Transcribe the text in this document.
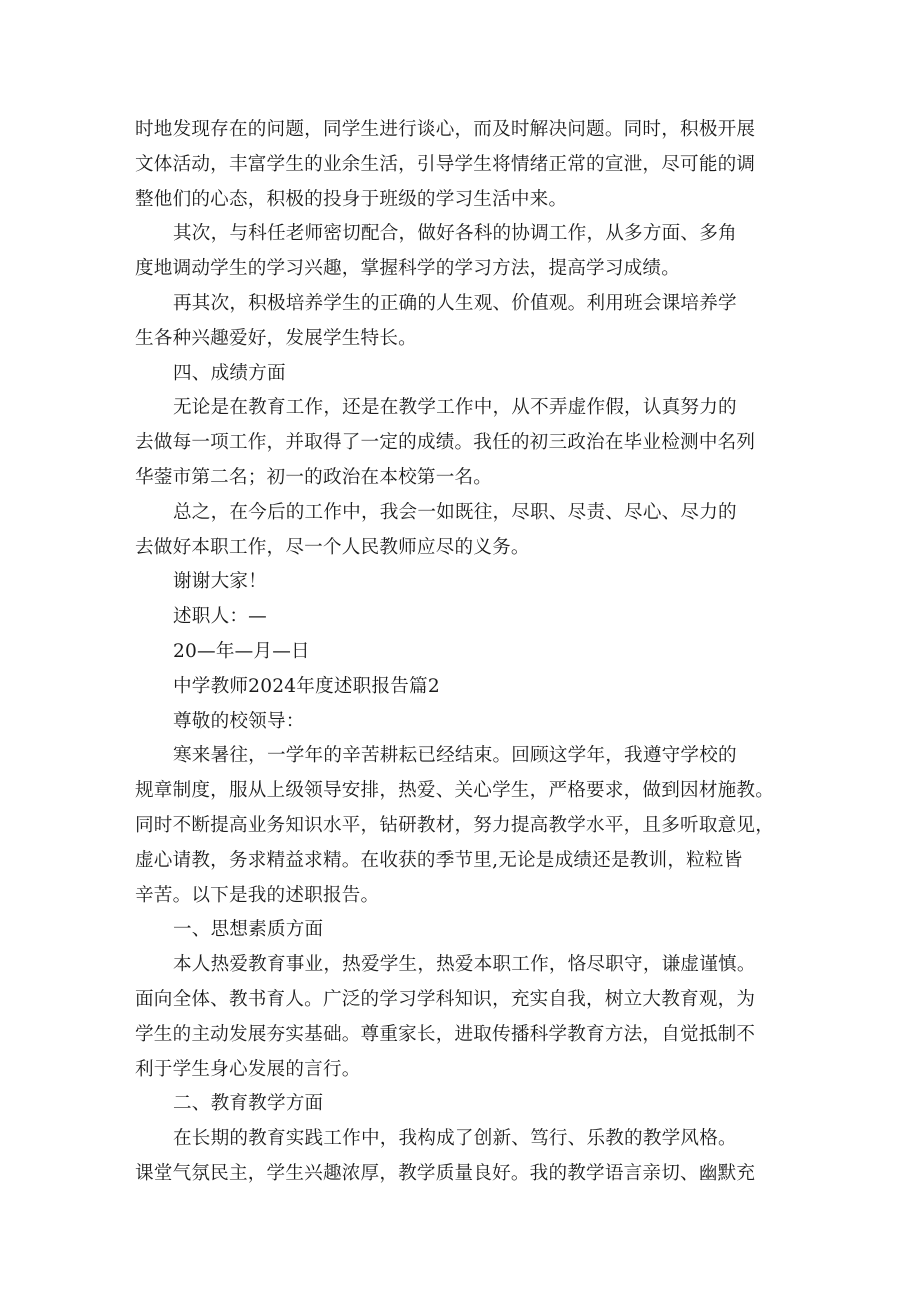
时地发现存在的问题，同学生进行谈心，而及时解决问题。同时，积极开展
文体活动，丰富学生的业余生活，引导学生将情绪正常的宣泄，尽可能的调
整他们的心态，积极的投身于班级的学习生活中来。

其次，与科任老师密切配合，做好各科的协调工作，从多方面、多角
度地调动学生的学习兴趣，掌握科学的学习方法，提高学习成绩。

再其次，积极培养学生的正确的人生观、价值观。利用班会课培养学
生各种兴趣爱好，发展学生特长。

四、成绩方面

无论是在教育工作，还是在教学工作中，从不弄虚作假，认真努力的
去做每一项工作，并取得了一定的成绩。我任的初三政治在毕业检测中名列
华蓥市第二名；初一的政治在本校第一名。

总之，在今后的工作中，我会一如既往，尽职、尽责、尽心、尽力的
去做好本职工作，尽一个人民教师应尽的义务。

谢谢大家！

述职人：—

20—年—月—日

中学教师2024年度述职报告篇2

尊敬的校领导：

寒来暑往，一学年的辛苦耕耘已经结束。回顾这学年，我遵守学校的
规章制度，服从上级领导安排，热爱、关心学生，严格要求，做到因材施教。
同时不断提高业务知识水平，钻研教材，努力提高教学水平，且多听取意见，
虚心请教，务求精益求精。在收获的季节里,无论是成绩还是教训，粒粒皆
辛苦。以下是我的述职报告。

一、思想素质方面

本人热爱教育事业，热爱学生，热爱本职工作，恪尽职守，谦虚谨慎。
面向全体、教书育人。广泛的学习学科知识，充实自我，树立大教育观，为
学生的主动发展夯实基础。尊重家长，进取传播科学教育方法，自觉抵制不
利于学生身心发展的言行。

二、教育教学方面

在长期的教育实践工作中，我构成了创新、笃行、乐教的教学风格。
课堂气氛民主，学生兴趣浓厚，教学质量良好。我的教学语言亲切、幽默充
